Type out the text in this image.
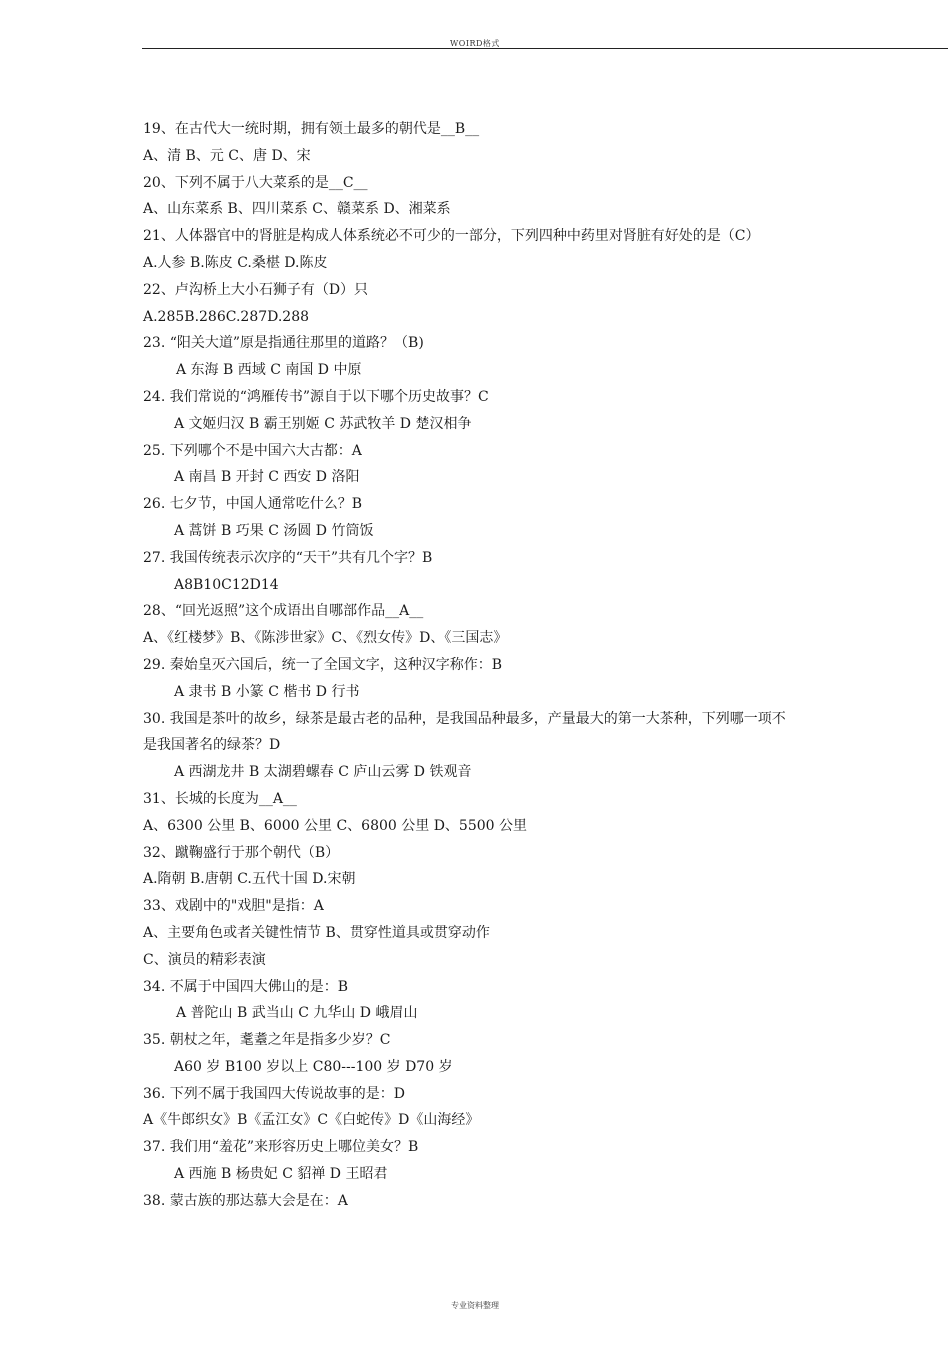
WOIRD格式
19、在古代大一统时期，拥有领土最多的朝代是__B__
A、清 B、元 C、唐 D、宋
20、下列不属于八大菜系的是__C__
A、山东菜系 B、四川菜系 C、赣菜系 D、湘菜系
21、人体器官中的肾脏是构成人体系统必不可少的一部分，下列四种中药里对肾脏有好处的是（C）
A.人参 B.陈皮 C.桑椹 D.陈皮
22、卢沟桥上大小石狮子有（D）只
A.285B.286C.287D.288
23. “阳关大道”原是指通往那里的道路？（B)
A 东海 B 西域 C 南国 D 中原
24. 我们常说的“鸿雁传书”源自于以下哪个历史故事？C
A 文姬归汉 B 霸王别姬 C 苏武牧羊 D 楚汉相争
25. 下列哪个不是中国六大古都：A
A 南昌 B 开封 C 西安 D 洛阳
26. 七夕节，中国人通常吃什么？B
A 蒿饼 B 巧果 C 汤圆 D 竹筒饭
27. 我国传统表示次序的“天干”共有几个字？B
A8B10C12D14
28、“回光返照”这个成语出自哪部作品__A__
A、《红楼梦》B、《陈涉世家》C、《烈女传》D、《三国志》
29. 秦始皇灭六国后，统一了全国文字，这种汉字称作：B
A 隶书 B 小篆 C 楷书 D 行书
30. 我国是茶叶的故乡，绿茶是最古老的品种，是我国品种最多，产量最大的第一大茶种，下列哪一项不
是我国著名的绿茶？D
A 西湖龙井 B 太湖碧螺春 C 庐山云雾 D 铁观音
31、长城的长度为__A__
A、6300 公里 B、6000 公里 C、6800 公里 D、5500 公里
32、蹴鞠盛行于那个朝代（B）
A.隋朝 B.唐朝 C.五代十国 D.宋朝
33、戏剧中的"戏胆"是指：A
A、主要角色或者关键性情节 B、贯穿性道具或贯穿动作
C、演员的精彩表演
34. 不属于中国四大佛山的是：B
A 普陀山 B 武当山 C 九华山 D 峨眉山
35. 朝杖之年，耄耋之年是指多少岁？C
A60 岁 B100 岁以上 C80---100 岁 D70 岁
36. 下列不属于我国四大传说故事的是：D
A《牛郎织女》B《孟江女》C《白蛇传》D《山海经》
37. 我们用“羞花”来形容历史上哪位美女？B
A 西施 B 杨贵妃 C 貂禅 D 王昭君
38. 蒙古族的那达慕大会是在：A
专业资料整理
